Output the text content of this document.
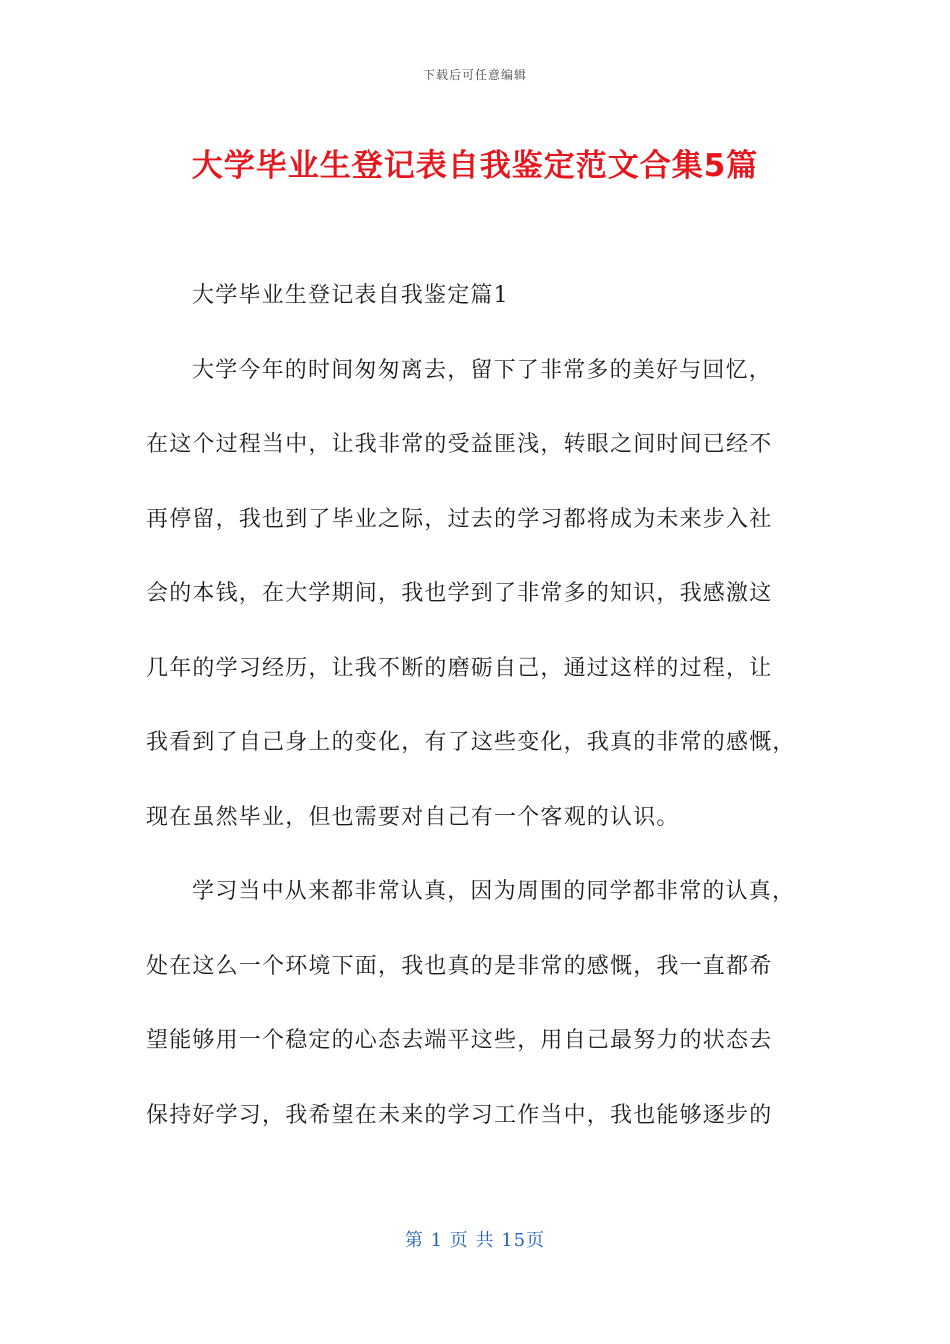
下载后可任意编辑
大学毕业生登记表自我鉴定范文合集5篇
大学毕业生登记表自我鉴定篇1
大学今年的时间匆匆离去，留下了非常多的美好与回忆，
在这个过程当中，让我非常的受益匪浅，转眼之间时间已经不
再停留，我也到了毕业之际，过去的学习都将成为未来步入社
会的本钱，在大学期间，我也学到了非常多的知识，我感激这
几年的学习经历，让我不断的磨砺自己，通过这样的过程，让
我看到了自己身上的变化，有了这些变化，我真的非常的感慨，
现在虽然毕业，但也需要对自己有一个客观的认识。
学习当中从来都非常认真，因为周围的同学都非常的认真，
处在这么一个环境下面，我也真的是非常的感慨，我一直都希
望能够用一个稳定的心态去端平这些，用自己最努力的状态去
保持好学习，我希望在未来的学习工作当中，我也能够逐步的
第 1 页 共 15页
